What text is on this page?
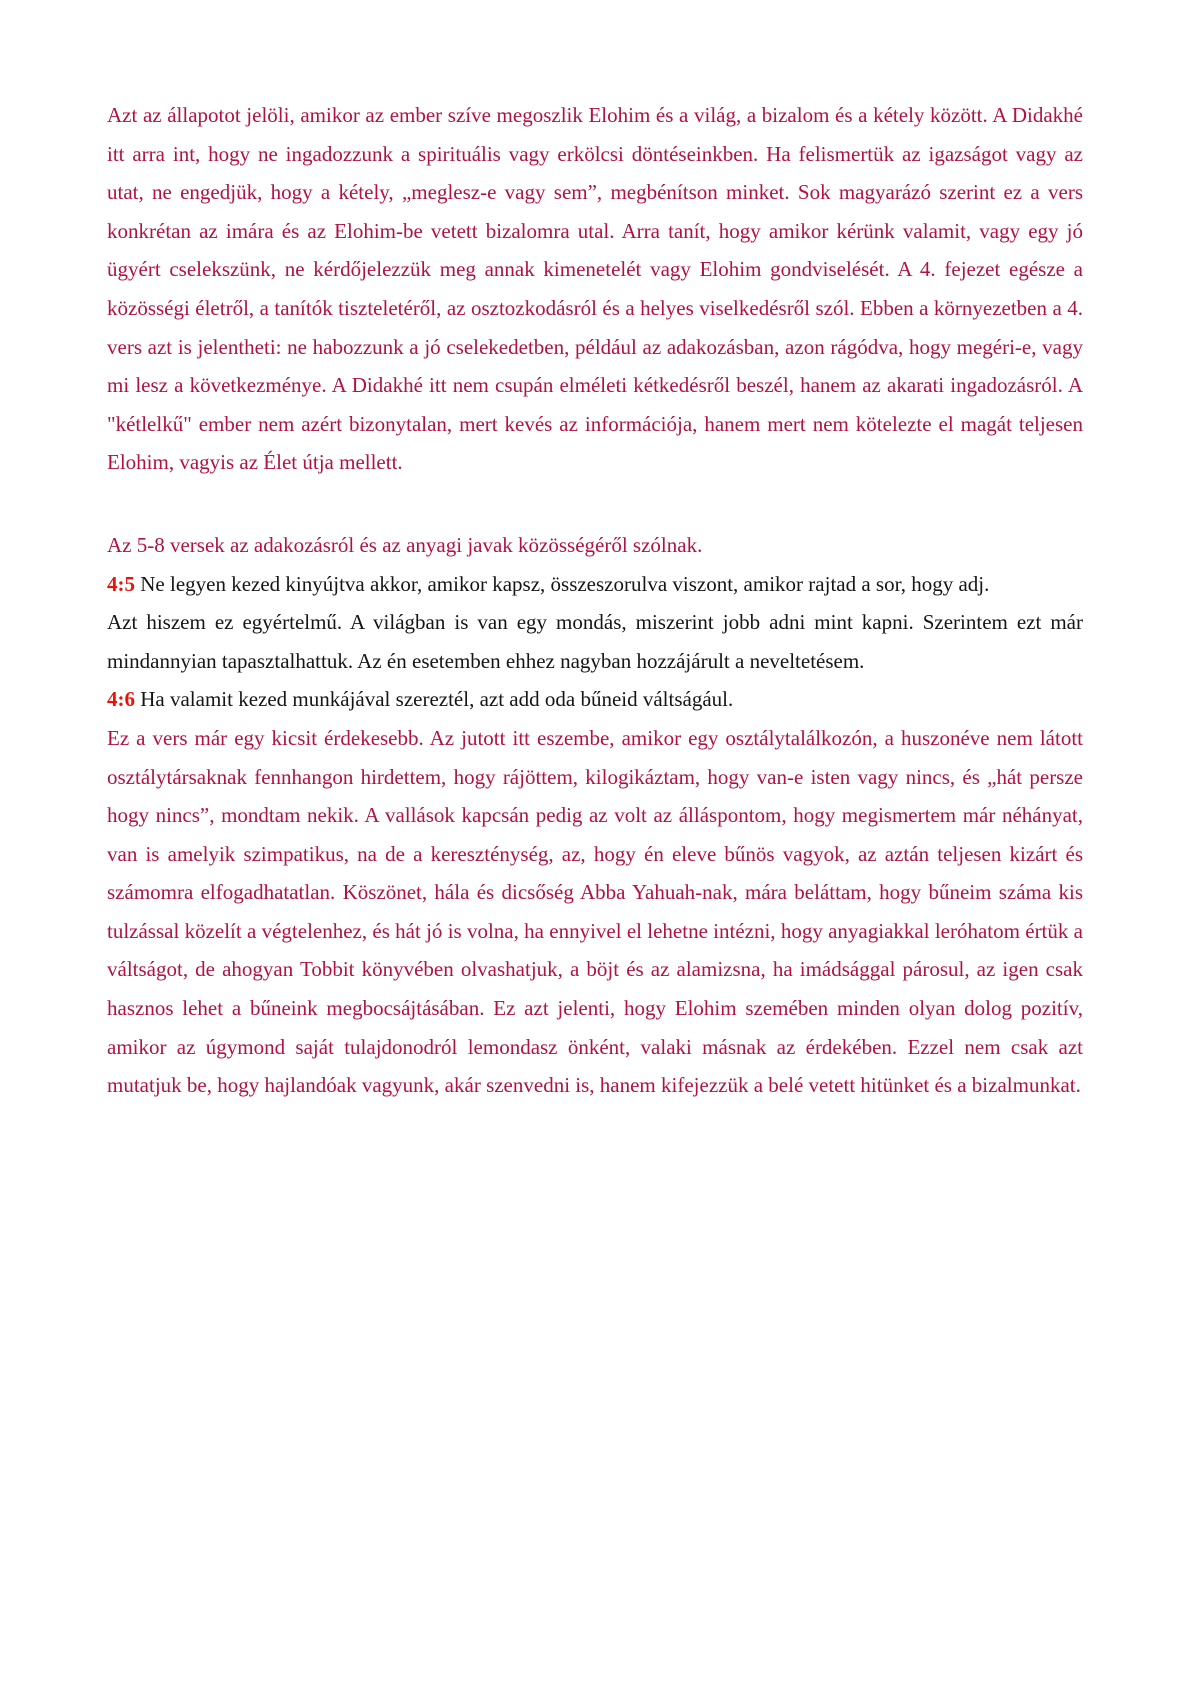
Azt az állapotot jelöli, amikor az ember szíve megoszlik Elohim és a világ, a bizalom és a kétely között. A Didakhé itt arra int, hogy ne ingadozzunk a spirituális vagy erkölcsi döntéseinkben. Ha felismertük az igazságot vagy az utat, ne engedjük, hogy a kétely, „meglesz-e vagy sem”, megbénítson minket. Sok magyarázó szerint ez a vers konkrétan az imára és az Elohim-be vetett bizalomra utal. Arra tanít, hogy amikor kérünk valamit, vagy egy jó ügyért cselekszünk, ne kérdőjelezzük meg annak kimenetelét vagy Elohim gondviselését. A 4. fejezet egésze a közösségi életről, a tanítók tiszteletéről, az osztozkodásról és a helyes viselkedésről szól. Ebben a környezetben a 4. vers azt is jelentheti: ne habozzunk a jó cselekedetben, például az adakozásban, azon rágódva, hogy megéri-e, vagy mi lesz a következménye. A Didakhé itt nem csupán elméleti kétkedésről beszél, hanem az akarati ingadozásról. A "kétlelkű" ember nem azért bizonytalan, mert kevés az információja, hanem mert nem kötelezte el magát teljesen Elohim, vagyis az Élet útja mellett.

Az 5-8 versek az adakozásról és az anyagi javak közösségéről szólnak.

4:5 Ne legyen kezed kinyújtva akkor, amikor kapsz, összeszorulva viszont, amikor rajtad a sor, hogy adj.

Azt hiszem ez egyértelmű. A világban is van egy mondás, miszerint jobb adni mint kapni. Szerintem ezt már mindannyian tapasztalhattuk. Az én esetemben ehhez nagyban hozzájárult a neveltetésem.

4:6 Ha valamit kezed munkájával szereztél, azt add oda bűneid váltságául.

Ez a vers már egy kicsit érdekesebb. Az jutott itt eszembe, amikor egy osztálytalálkozón, a huszonéve nem látott osztálytársaknak fennhangon hirdettem, hogy rájöttem, kilogikáztam, hogy van-e isten vagy nincs, és „hát persze hogy nincs”, mondtam nekik. A vallások kapcsán pedig az volt az álláspontom, hogy megismertem már néhányat, van is amelyik szimpatikus, na de a kereszténység, az, hogy én eleve bűnös vagyok, az aztán teljesen kizárt és számomra elfogadhatatlan. Köszönet, hála és dicsőség Abba Yahuah-nak, mára beláttam, hogy bűneim száma kis tulzással közelít a végtelenhez, és hát jó is volna, ha ennyivel el lehetne intézni, hogy anyagiakkal leróhatom értük a váltságot, de ahogyan Tobbit könyvében olvashatjuk, a böjt és az alamizsna, ha imádsággal párosul, az igen csak hasznos lehet a bűneink megbocsájtásában. Ez azt jelenti, hogy Elohim szemében minden olyan dolog pozitív, amikor az úgymond saját tulajdonodról lemondasz önként, valaki másnak az érdekében. Ezzel nem csak azt mutatjuk be, hogy hajlandóak vagyunk, akár szenvedni is, hanem kifejezzük a belé vetett hitünket és a bizalmunkat.
